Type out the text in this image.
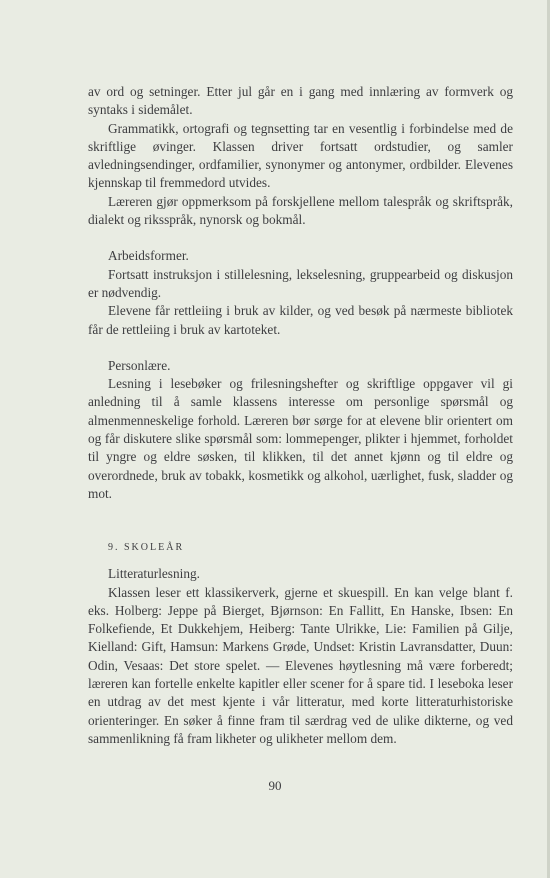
av ord og setninger. Etter jul går en i gang med innlæring av formverk og syntaks i sidemålet.

Grammatikk, ortografi og tegnsetting tar en vesentlig i forbindelse med de skriftlige øvinger. Klassen driver fortsatt ordstudier, og samler avledningsendinger, ordfamilier, synonymer og antonymer, ordbilder. Elevenes kjennskap til fremmedord utvides.

Læreren gjør oppmerksom på forskjellene mellom talespråk og skriftspråk, dialekt og riksspråk, nynorsk og bokmål.

Arbeidsformer.

Fortsatt instruksjon i stillelesning, lekselesning, gruppearbeid og diskusjon er nødvendig.

Elevene får rettleiing i bruk av kilder, og ved besøk på nærmeste bibliotek får de rettleiing i bruk av kartoteket.

Personlære.

Lesning i lesebøker og frilesningshefter og skriftlige oppgaver vil gi anledning til å samle klassens interesse om personlige spørsmål og almenmenneskelige forhold. Læreren bør sørge for at elevene blir orientert om og får diskutere slike spørsmål som: lommepenger, plikter i hjemmet, forholdet til yngre og eldre søsken, til klikken, til det annet kjønn og til eldre og overordnede, bruk av tobakk, kosmetikk og alkohol, uærlighet, fusk, sladder og mot.

9. SKOLEÅR
Litteraturlesning.

Klassen leser ett klassikerverk, gjerne et skuespill. En kan velge blant f. eks. Holberg: Jeppe på Bierget, Bjørnson: En Fallitt, En Hanske, Ibsen: En Folkefiende, Et Dukkehjem, Heiberg: Tante Ulrikke, Lie: Familien på Gilje, Kielland: Gift, Hamsun: Markens Grøde, Undset: Kristin Lavransdatter, Duun: Odin, Vesaas: Det store spelet. — Elevenes høytlesning må være forberedt; læreren kan fortelle enkelte kapitler eller scener for å spare tid. I leseboka leser en utdrag av det mest kjente i vår litteratur, med korte litteraturhistoriske orienteringer. En søker å finne fram til særdrag ved de ulike dikterne, og ved sammenlikning få fram likheter og ulikheter mellom dem.

90
